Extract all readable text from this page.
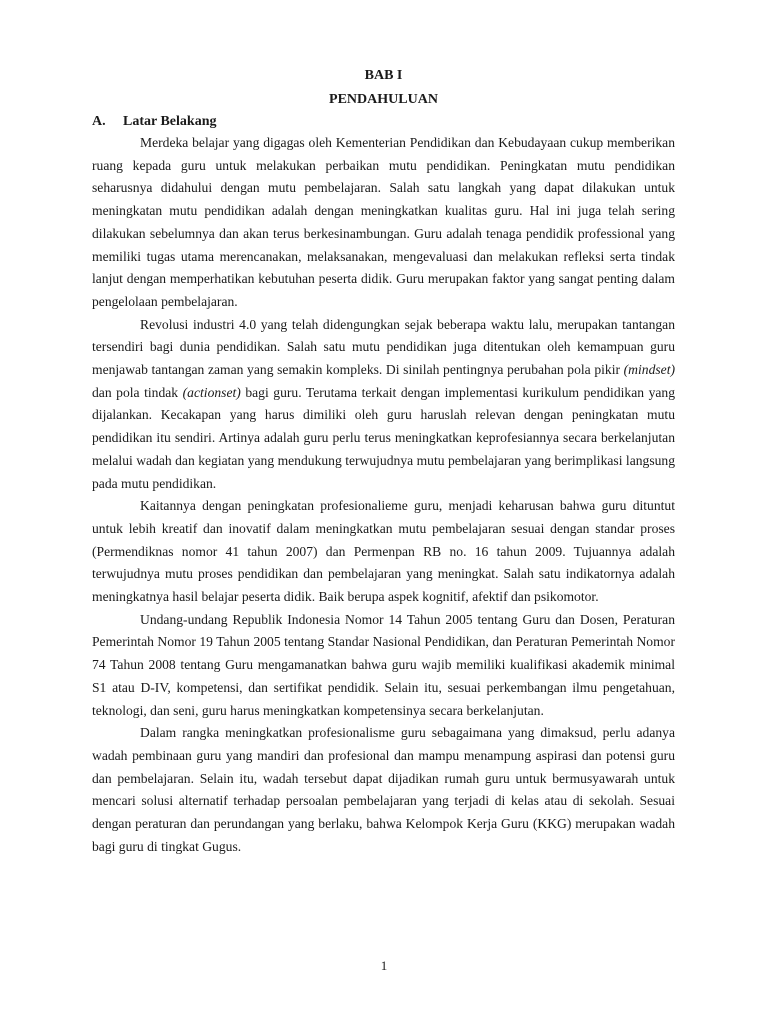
BAB I
PENDAHULUAN
A.	Latar Belakang

Merdeka belajar yang digagas oleh Kementerian Pendidikan dan Kebudayaan cukup memberikan ruang kepada guru untuk melakukan perbaikan mutu pendidikan. Peningkatan mutu pendidikan seharusnya didahului dengan mutu pembelajaran. Salah satu langkah yang dapat dilakukan untuk meningkatan mutu pendidikan adalah dengan meningkatkan kualitas guru. Hal ini juga telah sering dilakukan sebelumnya dan akan terus berkesinambungan. Guru adalah tenaga pendidik professional yang memiliki tugas utama merencanakan, melaksanakan, mengevaluasi dan melakukan refleksi serta tindak lanjut dengan memperhatikan kebutuhan peserta didik. Guru merupakan faktor yang sangat penting dalam pengelolaan pembelajaran.

Revolusi industri 4.0 yang telah didengungkan sejak beberapa waktu lalu, merupakan tantangan tersendiri bagi dunia pendidikan. Salah satu mutu pendidikan juga ditentukan oleh kemampuan guru menjawab tantangan zaman yang semakin kompleks. Di sinilah pentingnya perubahan pola pikir (mindset) dan pola tindak (actionset) bagi guru. Terutama terkait dengan implementasi kurikulum pendidikan yang dijalankan. Kecakapan yang harus dimiliki oleh guru haruslah relevan dengan peningkatan mutu pendidikan itu sendiri. Artinya adalah guru perlu terus meningkatkan keprofesiannya secara berkelanjutan melalui wadah dan kegiatan yang mendukung terwujudnya mutu pembelajaran yang berimplikasi langsung pada mutu pendidikan.

Kaitannya dengan peningkatan profesionalieme guru, menjadi keharusan bahwa guru dituntut untuk lebih kreatif dan inovatif dalam meningkatkan mutu pembelajaran sesuai dengan standar proses (Permendiknas nomor 41 tahun 2007) dan Permenpan RB no. 16 tahun 2009. Tujuannya adalah terwujudnya mutu proses pendidikan dan pembelajaran yang meningkat. Salah satu indikatornya adalah meningkatnya hasil belajar peserta didik. Baik berupa aspek kognitif, afektif dan psikomotor.

Undang-undang Republik Indonesia Nomor 14 Tahun 2005 tentang Guru dan Dosen, Peraturan Pemerintah Nomor 19 Tahun 2005 tentang Standar Nasional Pendidikan, dan Peraturan Pemerintah Nomor 74 Tahun 2008 tentang Guru mengamanatkan bahwa guru wajib memiliki kualifikasi akademik minimal S1 atau D-IV, kompetensi, dan sertifikat pendidik. Selain itu, sesuai perkembangan ilmu pengetahuan, teknologi, dan seni, guru harus meningkatkan kompetensinya secara berkelanjutan.

Dalam rangka meningkatkan profesionalisme guru sebagaimana yang dimaksud, perlu adanya wadah pembinaan guru yang mandiri dan profesional dan mampu menampung aspirasi dan potensi guru dan pembelajaran. Selain itu, wadah tersebut dapat dijadikan rumah guru untuk bermusyawarah untuk mencari solusi alternatif terhadap persoalan pembelajaran yang terjadi di kelas atau di sekolah. Sesuai dengan peraturan dan perundangan yang berlaku, bahwa Kelompok Kerja Guru (KKG) merupakan wadah bagi guru di tingkat Gugus.

1
